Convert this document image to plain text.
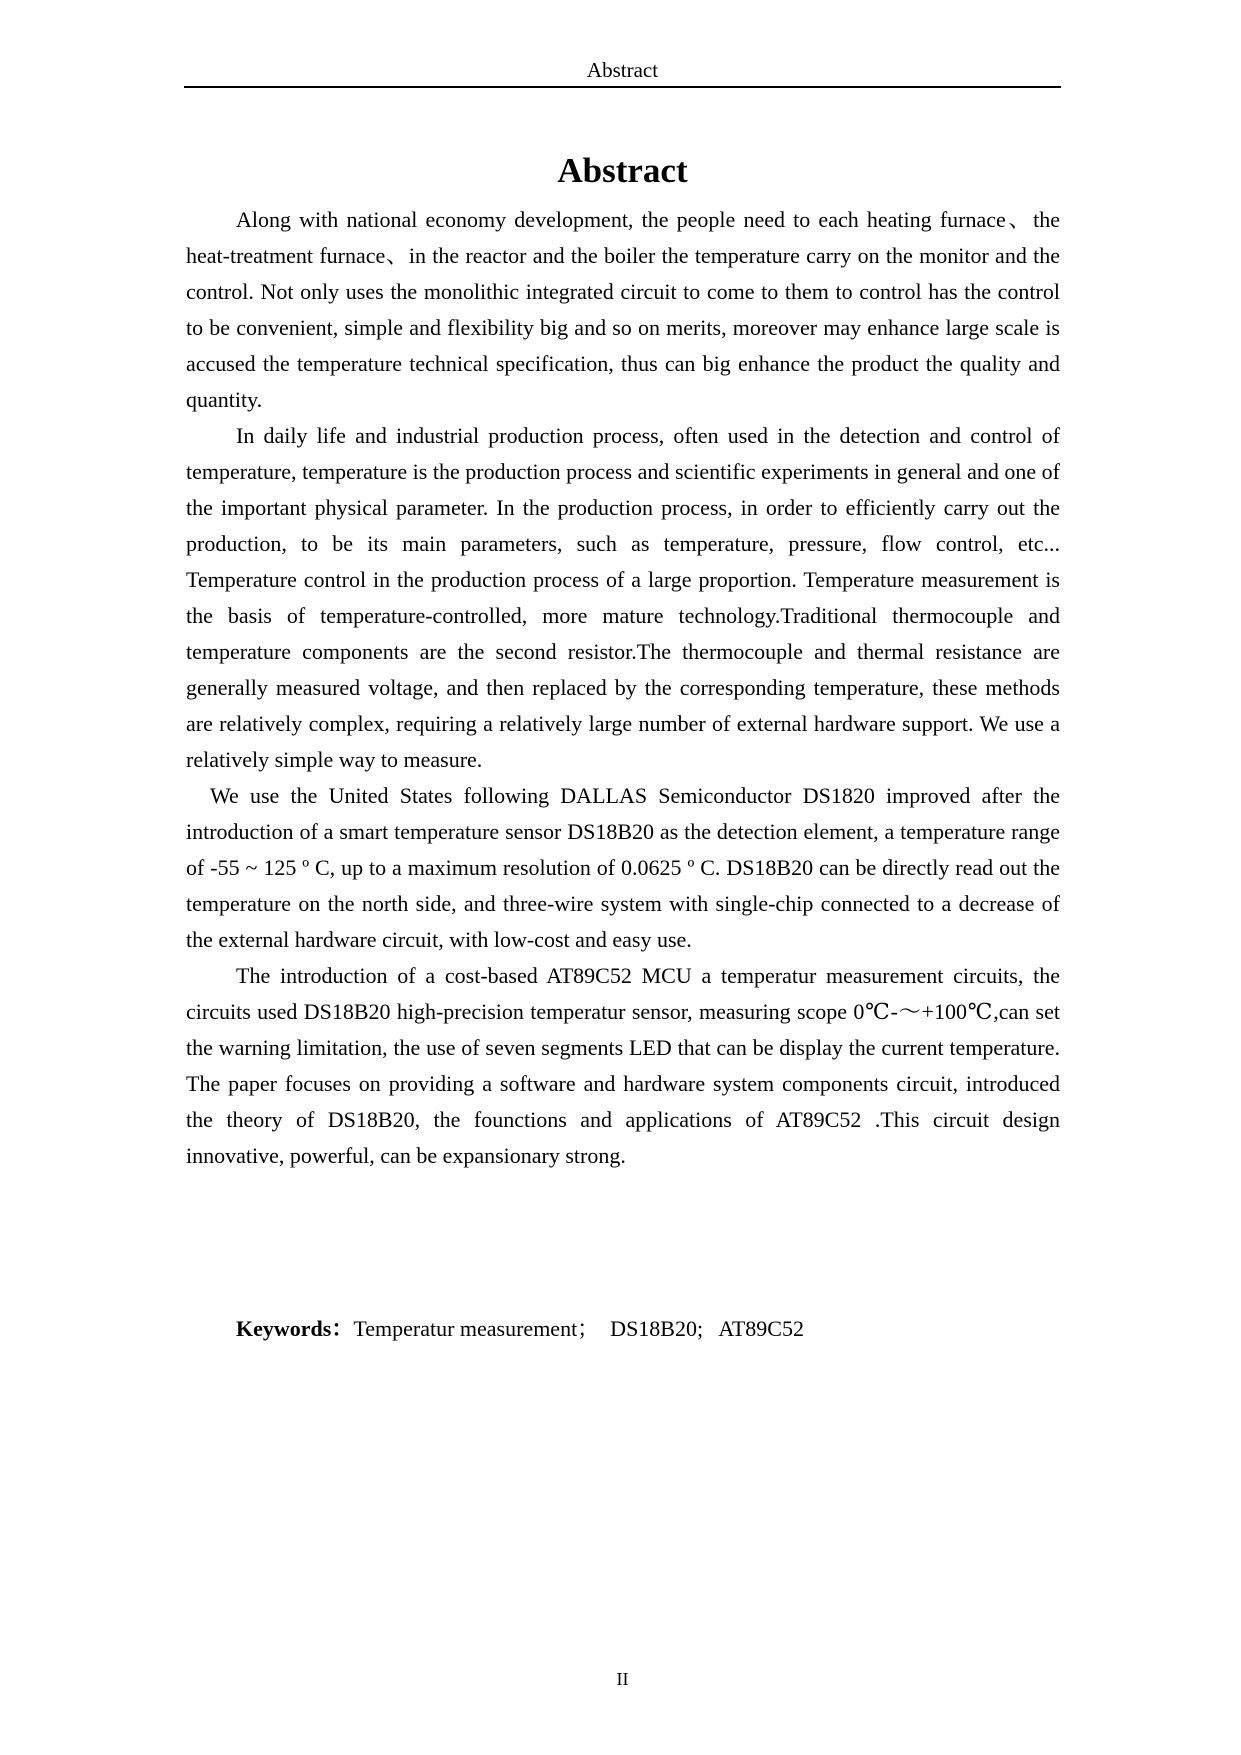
Abstract
Abstract

Along with national economy development, the people need to each heating furnace、the heat-treatment furnace、in the reactor and the boiler the temperature carry on the monitor and the control. Not only uses the monolithic integrated circuit to come to them to control has the control to be convenient, simple and flexibility big and so on merits, moreover may enhance large scale is accused the temperature technical specification, thus can big enhance the product the quality and quantity.

In daily life and industrial production process, often used in the detection and control of temperature, temperature is the production process and scientific experiments in general and one of the important physical parameter. In the production process, in order to efficiently carry out the production, to be its main parameters, such as temperature, pressure, flow control, etc... Temperature control in the production process of a large proportion. Temperature measurement is the basis of temperature-controlled, more mature technology.Traditional thermocouple and temperature components are the second resistor.The thermocouple and thermal resistance are generally measured voltage, and then replaced by the corresponding temperature, these methods are relatively complex, requiring a relatively large number of external hardware support. We use a relatively simple way to measure.

We use the United States following DALLAS Semiconductor DS1820 improved after the introduction of a smart temperature sensor DS18B20 as the detection element, a temperature range of -55 ~ 125 º C, up to a maximum resolution of 0.0625 º C. DS18B20 can be directly read out the temperature on the north side, and three-wire system with single-chip connected to a decrease of the external hardware circuit, with low-cost and easy use.

The introduction of a cost-based AT89C52 MCU a temperatur measurement circuits, the circuits used DS18B20 high-precision temperatur sensor, measuring scope 0℃-～+100℃,can set the warning limitation, the use of seven segments LED that can be display the current temperature. The paper focuses on providing a software and hardware system components circuit, introduced the theory of DS18B20, the founctions and applications of AT89C52 .This circuit design innovative, powerful, can be expansionary strong.

Keywords：Temperatur measurement；  DS18B20;   AT89C52
II
